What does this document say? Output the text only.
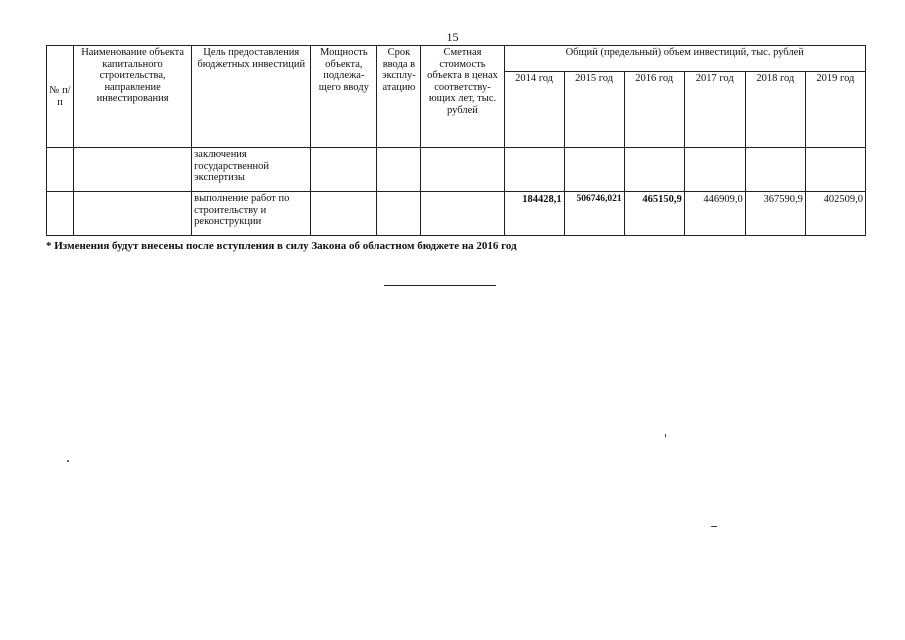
15
№ п/п	Наименование объекта капитального строительства, направление инвестирования	Цель предоставления бюджетных инвестиций	Мощность объекта, подлежа-щего вводу	Срок ввода в эксплу-атацию	Сметная стоимость объекта в ценах соответству-ющих лет, тыс. рублей	Общий (предельный) объем инвестиций, тыс. рублей					
						2014 год	2015 год	2016 год	2017 год	2018 год	2019 год
		заключения государственной экспертизы									
		выполнение работ по строительству и реконструкции				184428,1	506746,021	465150,9	446909,0	367590,9	402509,0
* Изменения будут внесены после вступления в силу Закона об областном бюджете на 2016 год
